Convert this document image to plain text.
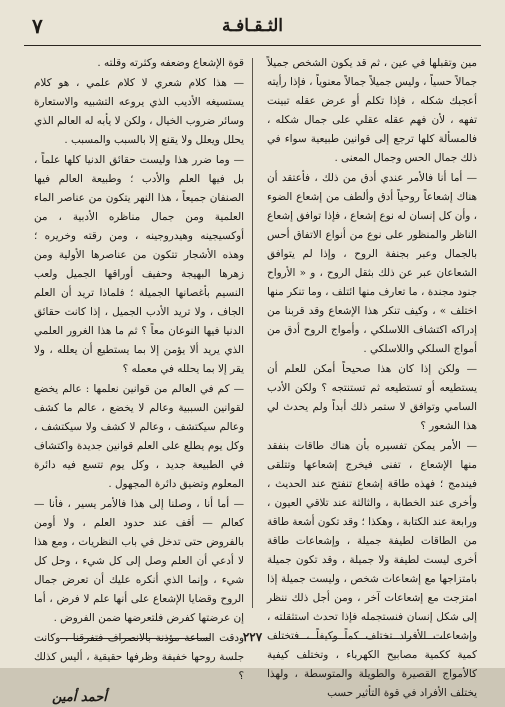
الثـقـافـة
٧

مين وتقبلها في عين ، ثم قد يكون الشخص جميلاً جمالاً حسياً ، وليس جميلاً جمالاً معنوياً ، فإذا رأيته أعجبك شكله ، فإذا تكلم أو عرض عقله تبينت تفهه ، لأن فهم عقله عقلي على جمال شكله ، فالمسألة كلها ترجع إلى قوانين طبيعية سواء في ذلك جمال الحس وجمال المعنى .

— أما أنا فالأمر عندي أدق من ذلك ، فأعتقد أن هناك إشعاعاً روحياً أدق وألطف من إشعاع الضوء ، وأن كل إنسان له نوع إشعاع ، فإذا توافق إشعاع الناظر والمنظور على نوع من أنواع الاتفاق أحس بالجمال وعبر بجنفة الروح ، وإذا لم يتوافق الشعاعان عبر عن ذلك بثقل الروح ، و « الأرواح جنود مجندة ، ما تعارف منها ائتلف ، وما تنكر منها اختلف » ، وكيف تنكر هذا الإشعاع وقد قربنا من إدراكه اكتشاف اللاسلكي ، وأمواج الروح أدق من أمواج السلكي واللاسلكي .

— ولكن إذا كان هذا صحيحاً أمكن للعلم أن يستطيعه أو تستطيعه ثم تستنتجه ؟ ولكن الأدب السامي وتوافق لا ستمر ذلك أبداً ولم يحدث لي هذا الشعور ؟

— الأمر يمكن تفسيره بأن هناك طاقات بنفقد منها الإشعاع ، تفنى فيخرج إشعاعها وتتلقى فيندمج ؛ فهذه طاقة إشعاع تنفتح عند الحديث ، وأخرى عند الخطابة ، والثالثة عند تلاقي العيون ، ورابعة عند الكتابة ، وهكذا ؛ وقد تكون أشعة طاقة من الطاقات لطيفة جميلة ، وإشعاعات طاقة أخرى ليست لطيفة ولا جميلة ، وقد تكون جميلة بامتزاجها مع إشعاعات شخص ، وليست جميلة إذا امتزجت مع إشعاعات آخر ، ومن أجل ذلك ننظر إلى شكل إنسان فنستجمله فإذا تحدث استثقلته ، وإشعاعات الأفراد تختلف كماً وكيفاً ، فتختلف كمية ككمية مصابيح الكهرباء ، وتختلف كيفية كالأمواج القصيرة والطويلة والمتوسطة ، ولهذا يختلف الأفراد في قوة التأثير حسب

قوة الإشعاع وضعفه وكثرته وقلته .

— هذا كلام شعري لا كلام علمي ، هو كلام يستسيغه الأديب الذي يروعه التشبيه والاستعارة وسائر ضروب الخيال ، ولكن لا يأبه له العالم الذي يحلل ويعلل ولا يقنع إلا بالسبب والمسبب .

— وما ضرر هذا وليست حقائق الدنيا كلها علماً ، بل فيها العلم والأدب ؛ وطبيعة العالم فيها الصنفان جميعاً ، هذا النهر يتكون من عناصر الماء العلمية ومن جمال مناظره الأدبية ، من أوكسيجينه وهيدروجينه ، ومن رقته وخريره ؛ وهذه الأشجار تتكون من عناصرها الأولية ومن زهرها البهيجة وحفيف أوراقها الجميل ولعب النسيم بأغصانها الجميلة ؛ فلماذا تريد أن العلم الجاف ، ولا تريد الأدب الجميل ، إذا كانت حقائق الدنيا فيها النوعان معاً ؟ ثم ما هذا الغرور العلمي الذي يريد ألا يؤمن إلا بما يستطيع أن يعلله ، ولا يقر إلا بما يحلله في معمله ؟

— كم في العالم من قوانين نعلمها : عالم يخضع لقوانين السببية وعالم لا يخضع ، عالم ما كشف وعالم سيكتشف ، وعالم لا كشف ولا سيكتشف ، وكل يوم يطلع على العلم قوانين جديدة واكتشاف في الطبيعة جديد ، وكل يوم تتسع فيه دائرة المعلوم وتضيق دائرة المجهول .

— أما أنا ، وصلنا إلى هذا فالأمر يسير ، فأنا — كعالم — أقف عند حدود العلم ، ولا أومن بالفروض حتى تدخل في باب النظريات ، ومع هذا لا أدعي أن العلم وصل إلى كل شيء ، وحل كل شيء ، وإنما الذي أنكره عليك أن تعرض جمال الروح وقضايا الإشعاع على أنها علم لا فرض ، أما إن عرضتها كفرض فلتعرضها ضمن الفروض .

ودقت الساعة مؤذنة بالانصراف فتفرقنا ، وكانت جلسة روحها خفيفة وظرفها حقيقية ، أليس كذلك ؟

أحمد أمين
٢٢٧
